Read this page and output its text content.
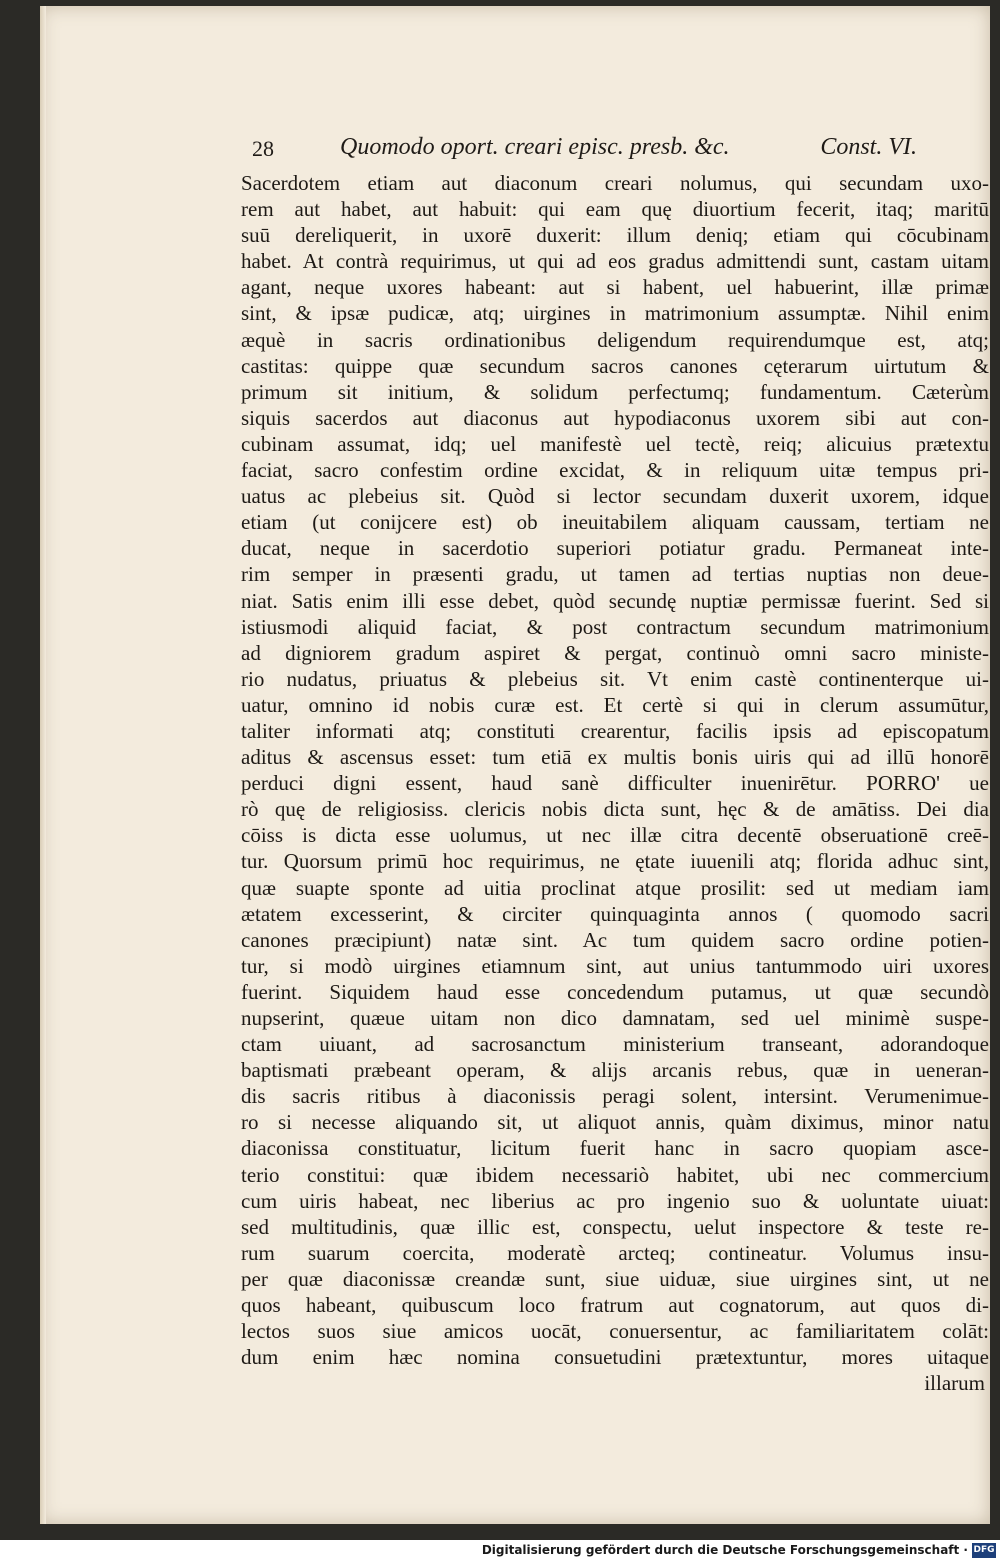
28	Quomodo oport. creari episc. presb. &c.	Const. VI.
Sacerdotem etiam aut diaconum creari nolumus, qui secundam uxo-
rem aut habet, aut habuit: qui eam quę diuortium fecerit, itaq; maritū
suū dereliquerit, in uxorē duxerit: illum deniq; etiam qui cōcubinam
habet. At contrà requirimus, ut qui ad eos gradus admittendi sunt, castam uitam
agant, neque uxores habeant: aut si habent, uel habuerint, illæ primæ
sint, & ipsæ pudicæ, atq; uirgines in matrimonium assumptæ. Nihil enim
æquè in sacris ordinationibus deligendum requirendumque est, atq;
castitas: quippe quæ secundum sacros canones cęterarum uirtutum &
primum sit initium, & solidum perfectumq; fundamentum. Cæterùm
siquis sacerdos aut diaconus aut hypodiaconus uxorem sibi aut con-
cubinam assumat, idq; uel manifestè uel tectè, reiq; alicuius prætextu
faciat, sacro confestim ordine excidat, & in reliquum uitæ tempus pri-
uatus ac plebeius sit. Quòd si lector secundam duxerit uxorem, idque
etiam (ut conijcere est) ob ineuitabilem aliquam caussam, tertiam ne
ducat, neque in sacerdotio superiori potiatur gradu. Permaneat inte-
rim semper in præsenti gradu, ut tamen ad tertias nuptias non deue-
niat. Satis enim illi esse debet, quòd secundę nuptiæ permissæ fuerint. Sed si
istiusmodi aliquid faciat, & post contractum secundum matrimonium
ad digniorem gradum aspiret & pergat, continuò omni sacro ministe-
rio nudatus, priuatus & plebeius sit. Vt enim castè continenterque ui-
uatur, omnino id nobis curæ est. Et certè si qui in clerum assumūtur,
taliter informati atq; constituti crearentur, facilis ipsis ad episcopatum
aditus & ascensus esset: tum etiā ex multis bonis uiris qui ad illū honorē
perduci digni essent, haud sanè difficulter inuenirētur. PORRO' ue
rò quę de religiosiss. clericis nobis dicta sunt, hęc & de amātiss. Dei dia
cōiss is dicta esse uolumus, ut nec illæ citra decentē obseruationē creē-
tur. Quorsum primū hoc requirimus, ne ętate iuuenili atq; florida adhuc sint,
quæ suapte sponte ad uitia proclinat atque prosilit: sed ut mediam iam
ætatem excesserint, & circiter quinquaginta annos ( quomodo sacri
canones præcipiunt) natæ sint. Ac tum quidem sacro ordine potien-
tur, si modò uirgines etiamnum sint, aut unius tantummodo uiri uxores
fuerint. Siquidem haud esse concedendum putamus, ut quæ secundò
nupserint, quæue uitam non dico damnatam, sed uel minimè suspe-
ctam uiuant, ad sacrosanctum ministerium transeant, adorandoque
baptismati præbeant operam, & alijs arcanis rebus, quæ in ueneran-
dis sacris ritibus à diaconissis peragi solent, intersint. Verumenimue-
ro si necesse aliquando sit, ut aliquot annis, quàm diximus, minor natu
diaconissa constituatur, licitum fuerit hanc in sacro quopiam asce-
terio constitui: quæ ibidem necessariò habitet, ubi nec commercium
cum uiris habeat, nec liberius ac pro ingenio suo & uoluntate uiuat:
sed multitudinis, quæ illic est, conspectu, uelut inspectore & teste re-
rum suarum coercita, moderatè arcteq; contineatur. Volumus insu-
per quæ diaconissæ creandæ sunt, siue uiduæ, siue uirgines sint, ut ne
quos habeant, quibuscum loco fratrum aut cognatorum, aut quos di-
lectos suos siue amicos uocāt, conuersentur, ac familiaritatem colāt:
dum enim hæc nomina consuetudini prætextuntur, mores uitaque
illarum
Digitalisierung gefördert durch die Deutsche Forschungsgemeinschaft · DFG
